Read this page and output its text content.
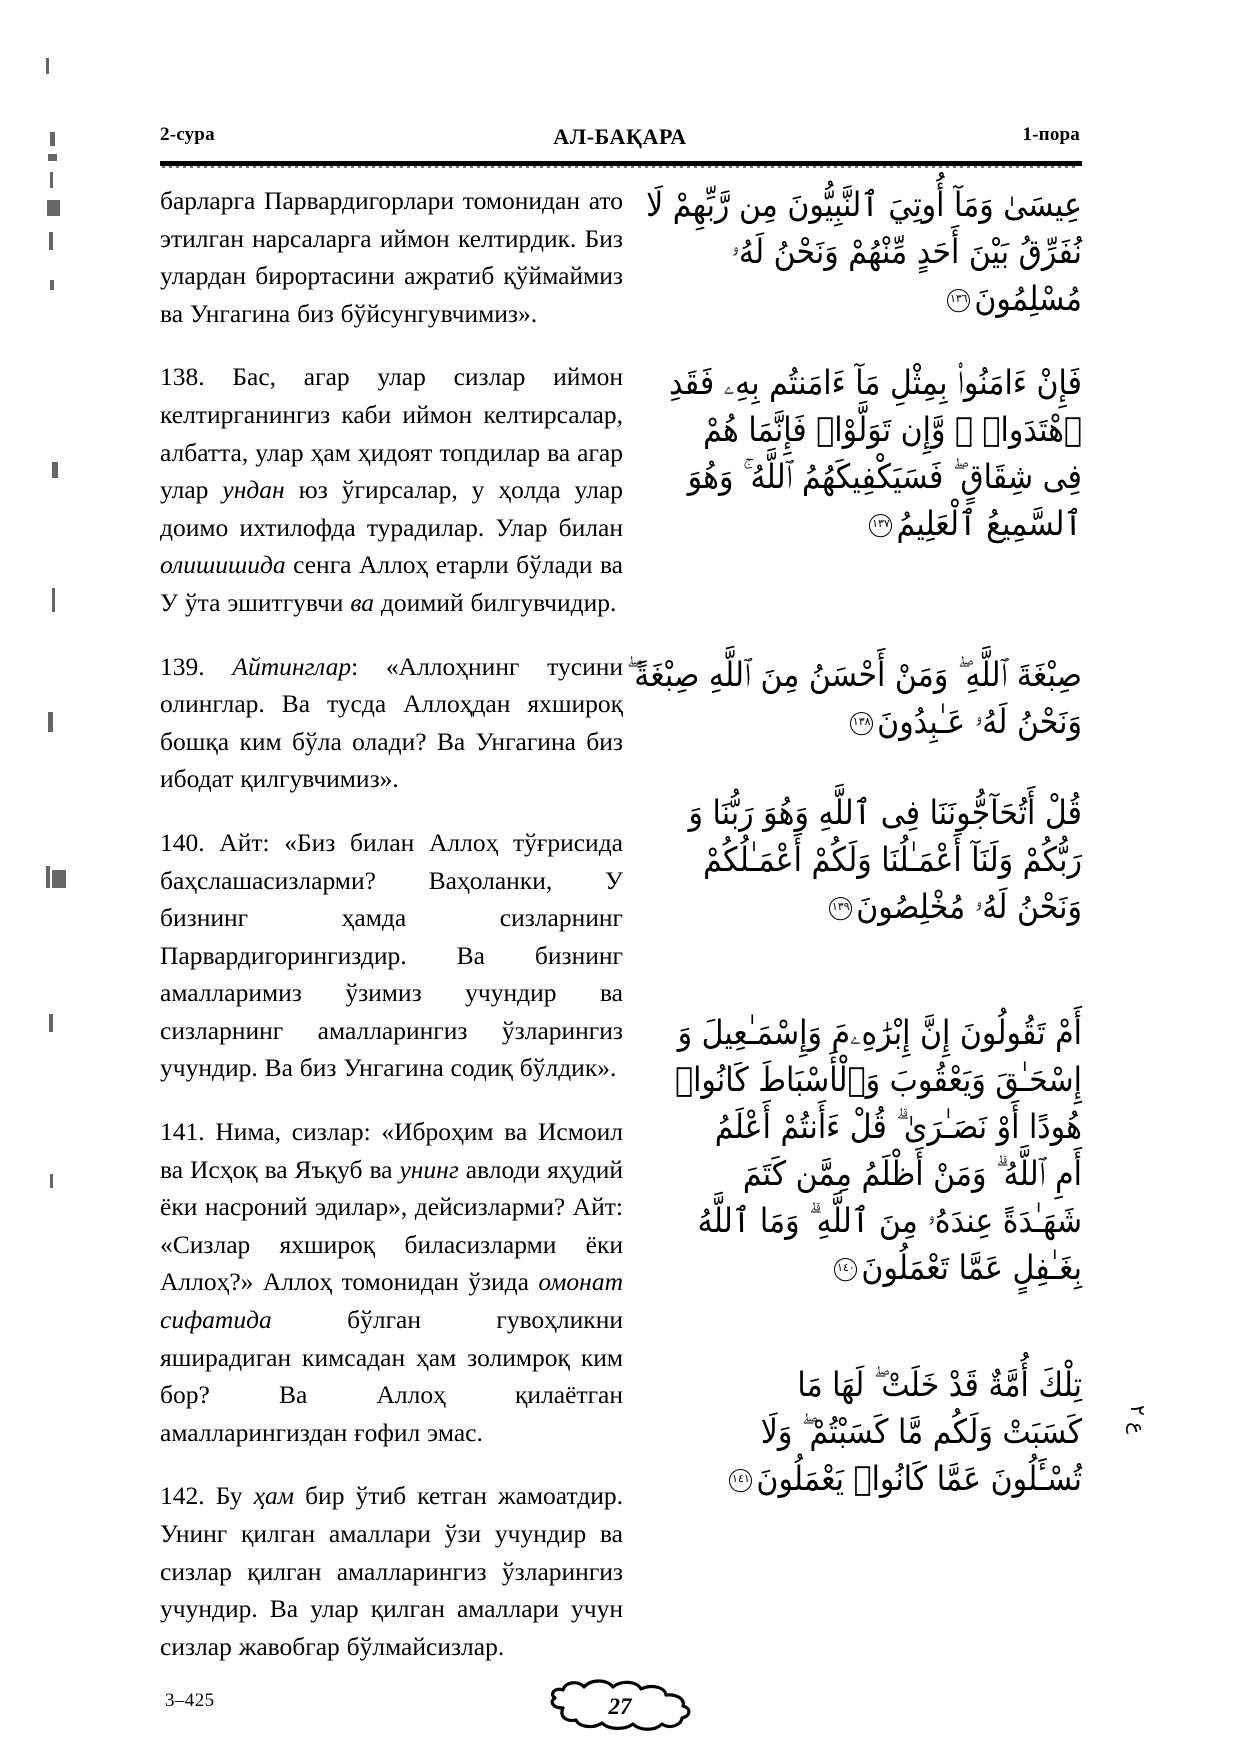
2-сура	АЛ-БАҚАРА	1-пора

барларга Парвардигорлари томонидан ато этилган нарсаларга иймон келтирдик. Биз улардан бирортасини ажратиб қўймаймиз ва Унгагина биз бўйсунгувчимиз».

138. Бас, агар улар сизлар иймон келтирганингиз каби иймон келтирсалар, албатта, улар ҳам ҳидоят топдилар ва агар улар ундан юз ўгирсалар, у ҳолда улар доимо ихтилофда турадилар. Улар билан олишишида сенга Аллоҳ етарли бўлади ва У ўта эшитгувчи ва доимий билгувчидир.

139. Айтинглар: «Аллоҳнинг тусини олинглар. Ва тусда Аллоҳдан яхшироқ бошқа ким бўла олади? Ва Унгагина биз ибодат қилгувчимиз».

140. Айт: «Биз билан Аллоҳ тўғрисида баҳслашасизларми? Ваҳоланки, У бизнинг ҳамда сизларнинг Парвардигорингиздир. Ва бизнинг амалларимиз ўзимиз учундир ва сизларнинг амалларингиз ўзларингиз учундир. Ва биз Унгагина содиқ бўлдик».

141. Нима, сизлар: «Иброҳим ва Исмоил ва Исҳоқ ва Яъқуб ва унинг авлоди яҳудий ёки насроний эдилар», дейсизларми? Айт: «Сизлар яхшироқ биласизларми ёки Аллоҳ?» Аллоҳ томонидан ўзида омонат сифатида бўлган гувоҳликни яширадиган кимсадан ҳам золимроқ ким бор? Ва Аллоҳ қилаётган амалларингиздан ғофил эмас.

142. Бу ҳам бир ўтиб кетган жамоатдир. Унинг қилган амаллари ўзи учундир ва сизлар қилган амалларингиз ўзларингиз учундир. Ва улар қилган амаллари учун сизлар жавобгар бўлмайсизлар.

عِيسَىٰ وَمَآ أُوتِيَ ٱلنَّبِيُّونَ مِن رَّبِّهِمْ لَا
نُفَرِّقُ بَيْنَ أَحَدٍ مِّنْهُمْ وَنَحْنُ لَهُۥ
مُسْلِمُونَ١٣٦
فَإِنْ ءَامَنُوا۟ بِمِثْلِ مَآ ءَامَنتُم بِهِۦ فَقَدِ
ٱهْتَدَوا۟ ۖ وَّإِن تَوَلَّوْا۟ فَإِنَّمَا هُمْ
فِى شِقَاقٍ ۖ فَسَيَكْفِيكَهُمُ ٱللَّهُ ۚ وَهُوَ
ٱلسَّمِيعُ ٱلْعَلِيمُ١٣٧
صِبْغَةَ ٱللَّهِ ۖ وَمَنْ أَحْسَنُ مِنَ ٱللَّهِ صِبْغَةً ۖ
وَنَحْنُ لَهُۥ عَـٰبِدُونَ١٣٨
قُلْ أَتُحَآجُّونَنَا فِى ٱللَّهِ وَهُوَ رَبُّنَا وَ
رَبُّكُمْ وَلَنَآ أَعْمَـٰلُنَا وَلَكُمْ أَعْمَـٰلُكُمْ
وَنَحْنُ لَهُۥ مُخْلِصُونَ١٣٩
أَمْ تَقُولُونَ إِنَّ إِبْرَٰهِۦمَ وَإِسْمَـٰعِيلَ وَ
إِسْحَـٰقَ وَيَعْقُوبَ وَٱلْأَسْبَاطَ كَانُوا۟
هُودًا أَوْ نَصَـٰرَىٰ ۗ قُلْ ءَأَنتُمْ أَعْلَمُ
أَمِ ٱللَّهُ ۗ وَمَنْ أَظْلَمُ مِمَّن كَتَمَ
شَهَـٰدَةً عِندَهُۥ مِنَ ٱللَّهِ ۗ وَمَا ٱللَّهُ
بِغَـٰفِلٍ عَمَّا تَعْمَلُونَ١٤٠
تِلْكَ أُمَّةٌ قَدْ خَلَتْ ۖ لَهَا مَا
كَسَبَتْ وَلَكُم مَّا كَسَبْتُمْ ۖ وَلَا
تُسْـَٔلُونَ عَمَّا كَانُوا۟ يَعْمَلُونَ١٤١
ع ٢
3–425	27
